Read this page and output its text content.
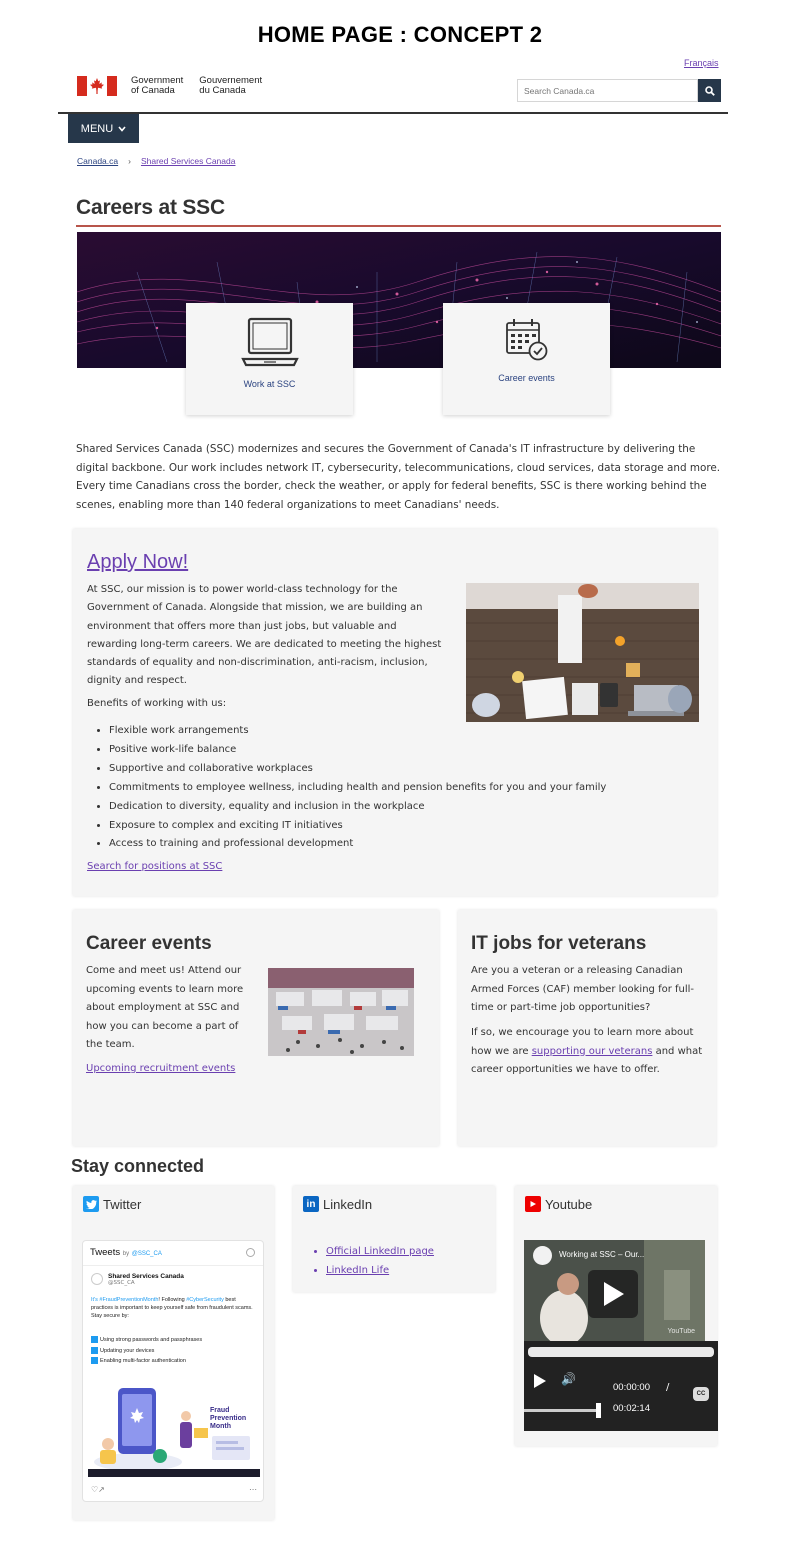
HOME PAGE : CONCEPT 2
Français
Government
of Canada
Gouvernement
du Canada
Search Canada.ca
MENU
Canada.ca › Shared Services Canada
Careers at SSC
Work at SSC
Career events

Shared Services Canada (SSC) modernizes and secures the Government of Canada's IT infrastructure by delivering the digital backbone. Our work includes network IT, cybersecurity, telecommunications, cloud services, data storage and more. Every time Canadians cross the border, check the weather, or apply for federal benefits, SSC is there working behind the scenes, enabling more than 140 federal organizations to meet Canadians' needs.

Apply Now!

At SSC, our mission is to power world-class technology for the Government of Canada. Alongside that mission, we are building an environment that offers more than just jobs, but valuable and rewarding long-term careers. We are dedicated to meeting the highest standards of equality and non-discrimination, anti-racism, inclusion, dignity and respect.

Benefits of working with us:
• Flexible work arrangements
• Positive work-life balance
• Supportive and collaborative workplaces
• Commitments to employee wellness, including health and pension benefits for you and your family
• Dedication to diversity, equality and inclusion in the workplace
• Exposure to complex and exciting IT initiatives
• Access to training and professional development
Search for positions at SSC
Career events

Come and meet us! Attend our upcoming events to learn more about employment at SSC and how you can become a part of the team.

Upcoming recruitment events
IT jobs for veterans

Are you a veteran or a releasing Canadian Armed Forces (CAF) member looking for full-time or part-time job opportunities?

If so, we encourage you to learn more about how we are supporting our veterans and what career opportunities we have to offer.

Stay connected
Twitter
Tweets by @SSC_CA
Shared Services Canada
@SSC_CA
It's #FraudPreventionMonth! Following #CyberSecurity best practices is important to keep yourself safe from fraudulent scams. Stay secure by:
Using strong passwords and passphrases
Updating your devices
Enabling multi-factor authentication
Fraud
Prevention
Month
♡ ↗	⋯
in LinkedIn
• Official LinkedIn page
• LinkedIn Life
Youtube
Working at SSC – Our...
YouTube
🔊
00:00:00 /
00:02:14
CC
